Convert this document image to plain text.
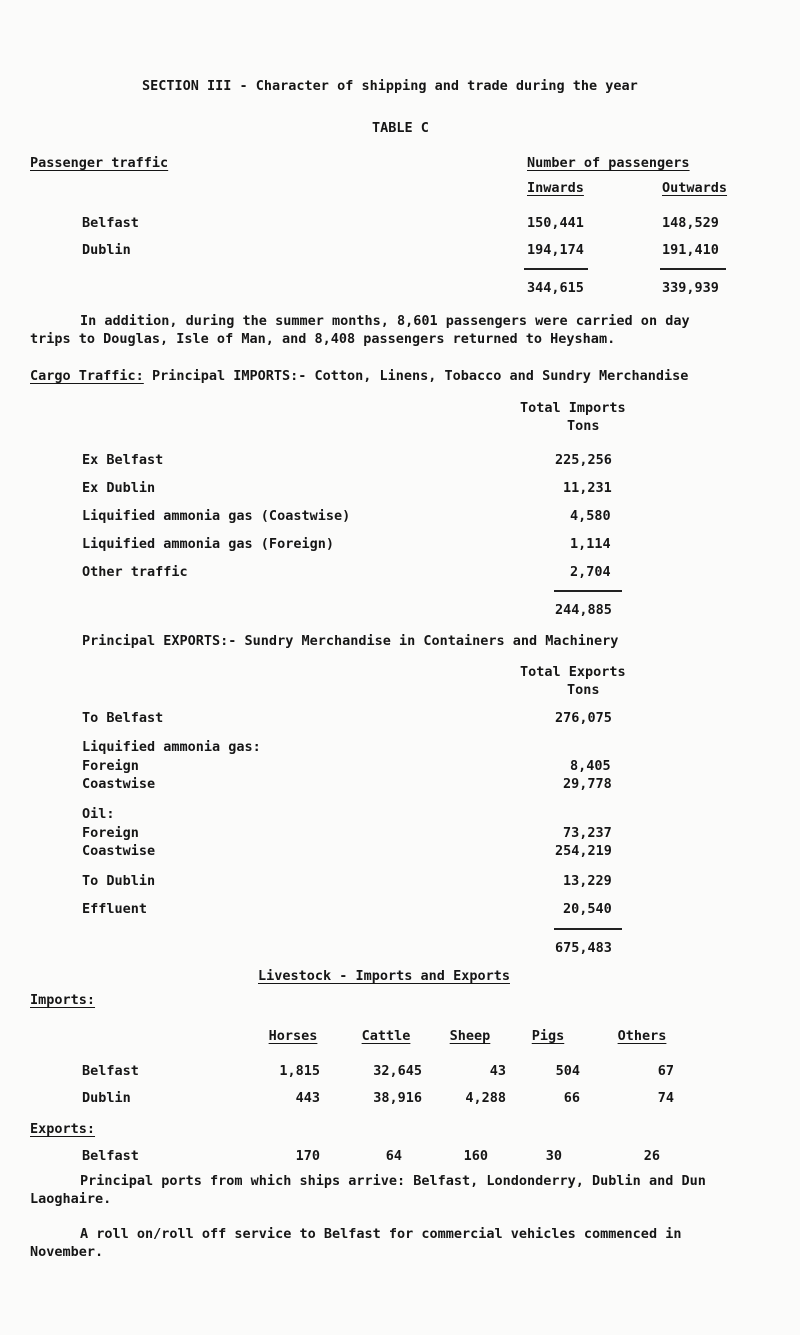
SECTION III - Character of shipping and trade during the year
TABLE C
Passenger traffic	Number of passengers
Inwards	Outwards
Belfast	150,441	148,529
Dublin	194,174	191,410
344,615	339,939
In addition, during the summer months, 8,601 passengers were carried on day trips to Douglas, Isle of Man, and 8,408 passengers returned to Heysham.
Cargo Traffic: Principal IMPORTS:- Cotton, Linens, Tobacco and Sundry Merchandise
Total Imports
Tons
Ex Belfast	225,256
Ex Dublin	11,231
Liquified ammonia gas (Coastwise)	4,580
Liquified ammonia gas (Foreign)	1,114
Other traffic	2,704
244,885
Principal EXPORTS:- Sundry Merchandise in Containers and Machinery
Total Exports
Tons
To Belfast	276,075
Liquified ammonia gas:
Foreign	8,405
Coastwise	29,778
Oil:
Foreign	73,237
Coastwise	254,219
To Dublin	13,229
Effluent	20,540
675,483
Livestock - Imports and Exports
Imports:
Horses	Cattle	Sheep	Pigs	Others
Belfast	1,815	32,645	43	504	67
Dublin	443	38,916	4,288	66	74
Exports:
Belfast	170	64	160	30	26
Principal ports from which ships arrive: Belfast, Londonderry, Dublin and Dun Laoghaire.
A roll on/roll off service to Belfast for commercial vehicles commenced in November.
